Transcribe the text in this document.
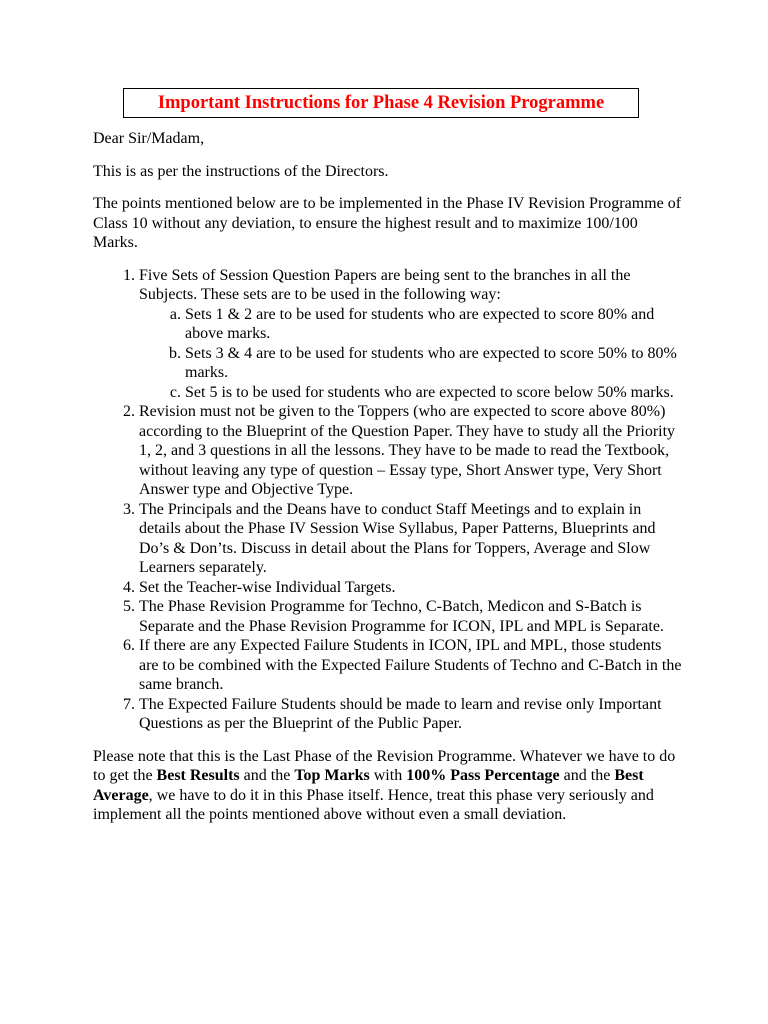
Important Instructions for Phase 4 Revision Programme

Dear Sir/Madam,

This is as per the instructions of the Directors.

The points mentioned below are to be implemented in the Phase IV Revision Programme of Class 10 without any deviation, to ensure the highest result and to maximize 100/100 Marks.

1. Five Sets of Session Question Papers are being sent to the branches in all the Subjects. These sets are to be used in the following way:
a. Sets 1 & 2 are to be used for students who are expected to score 80% and above marks.
b. Sets 3 & 4 are to be used for students who are expected to score 50% to 80% marks.
c. Set 5 is to be used for students who are expected to score below 50% marks.
2. Revision must not be given to the Toppers (who are expected to score above 80%) according to the Blueprint of the Question Paper. They have to study all the Priority 1, 2, and 3 questions in all the lessons. They have to be made to read the Textbook, without leaving any type of question – Essay type, Short Answer type, Very Short Answer type and Objective Type.
3. The Principals and the Deans have to conduct Staff Meetings and to explain in details about the Phase IV Session Wise Syllabus, Paper Patterns, Blueprints and Do’s & Don’ts. Discuss in detail about the Plans for Toppers, Average and Slow Learners separately.
4. Set the Teacher-wise Individual Targets.
5. The Phase Revision Programme for Techno, C-Batch, Medicon and S-Batch is Separate and the Phase Revision Programme for ICON, IPL and MPL is Separate.
6. If there are any Expected Failure Students in ICON, IPL and MPL, those students are to be combined with the Expected Failure Students of Techno and C-Batch in the same branch.
7. The Expected Failure Students should be made to learn and revise only Important Questions as per the Blueprint of the Public Paper.

Please note that this is the Last Phase of the Revision Programme. Whatever we have to do to get the Best Results and the Top Marks with 100% Pass Percentage and the Best Average, we have to do it in this Phase itself. Hence, treat this phase very seriously and implement all the points mentioned above without even a small deviation.
